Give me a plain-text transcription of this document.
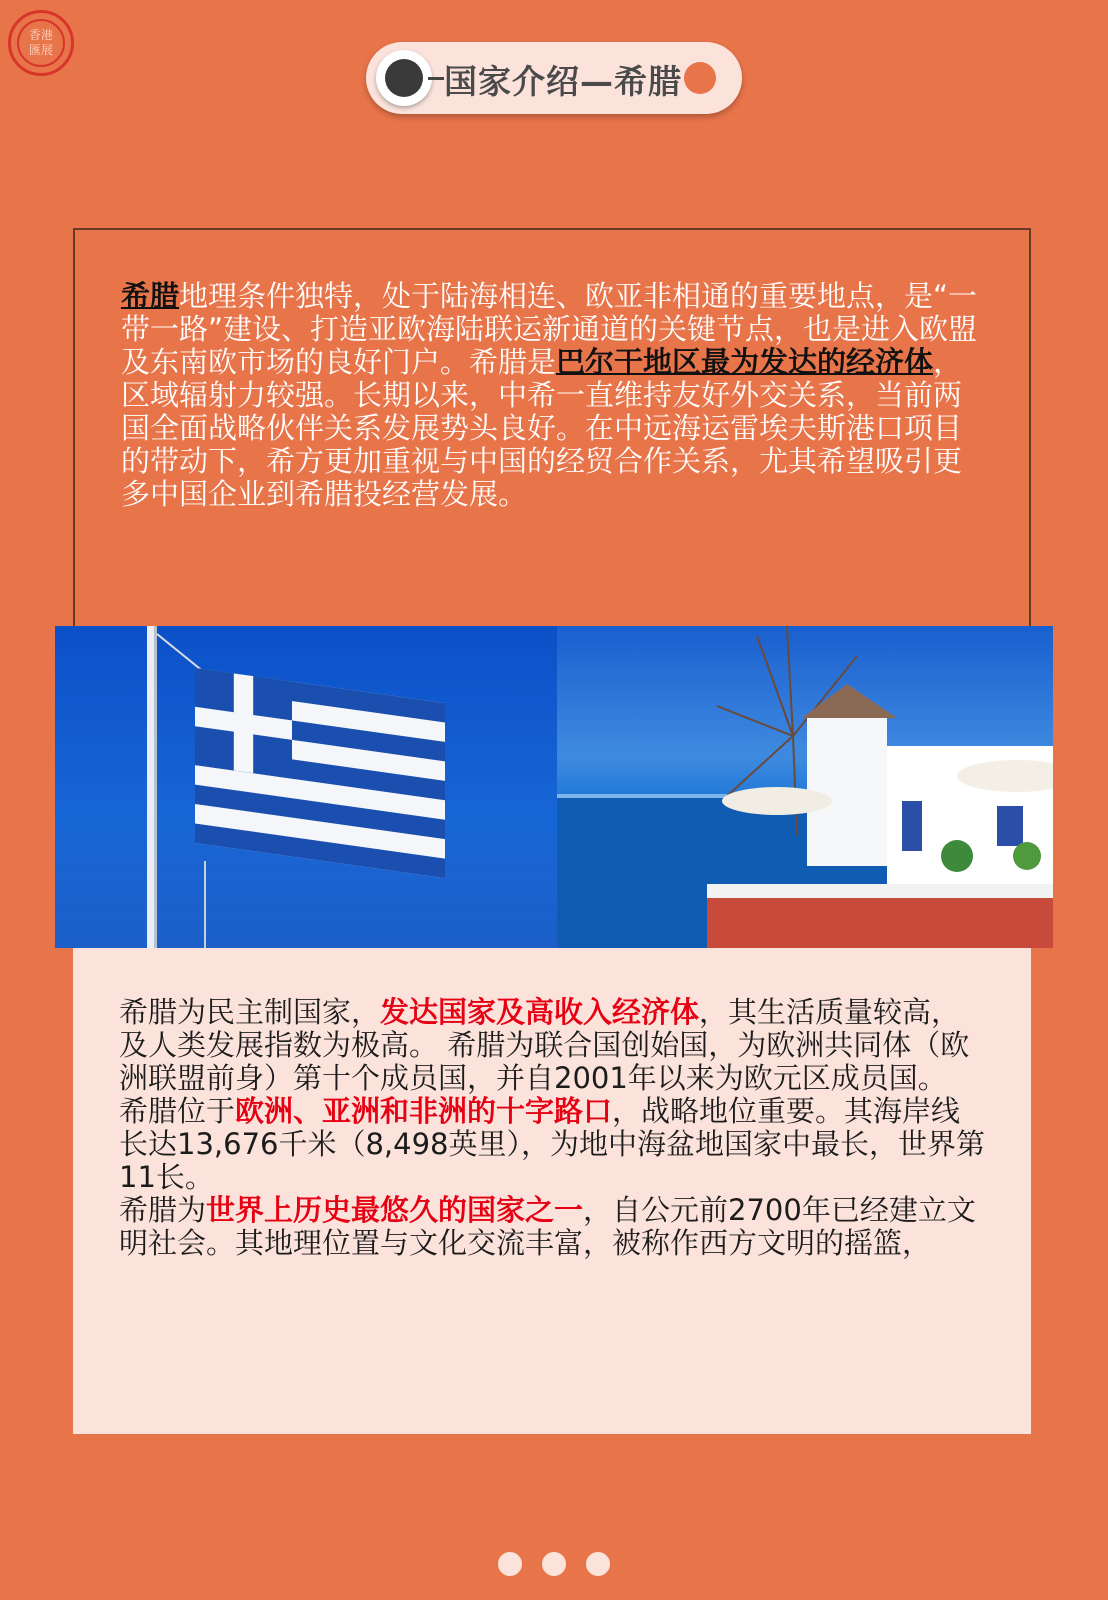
香港
匯展
国家介绍—希腊

希腊地理条件独特，处于陆海相连、欧亚非相通的重要地点，是“一带一路”建设、打造亚欧海陆联运新通道的关键节点，也是进入欧盟及东南欧市场的良好门户。希腊是巴尔干地区最为发达的经济体，区域辐射力较强。长期以来，中希一直维持友好外交关系，当前两国全面战略伙伴关系发展势头良好。在中远海运雷埃夫斯港口项目的带动下，希方更加重视与中国的经贸合作关系，尤其希望吸引更多中国企业到希腊投经营发展。

希腊为民主制国家，发达国家及高收入经济体，其生活质量较高，及人类发展指数为极高。 希腊为联合国创始国，为欧洲共同体（欧洲联盟前身）第十个成员国，并自2001年以来为欧元区成员国。
希腊位于欧洲、亚洲和非洲的十字路口，战略地位重要。其海岸线长达13,676千米（8,498英里），为地中海盆地国家中最长，世界第11长。
希腊为世界上历史最悠久的国家之一，自公元前2700年已经建立文明社会。其地理位置与文化交流丰富，被称作西方文明的摇篮，
